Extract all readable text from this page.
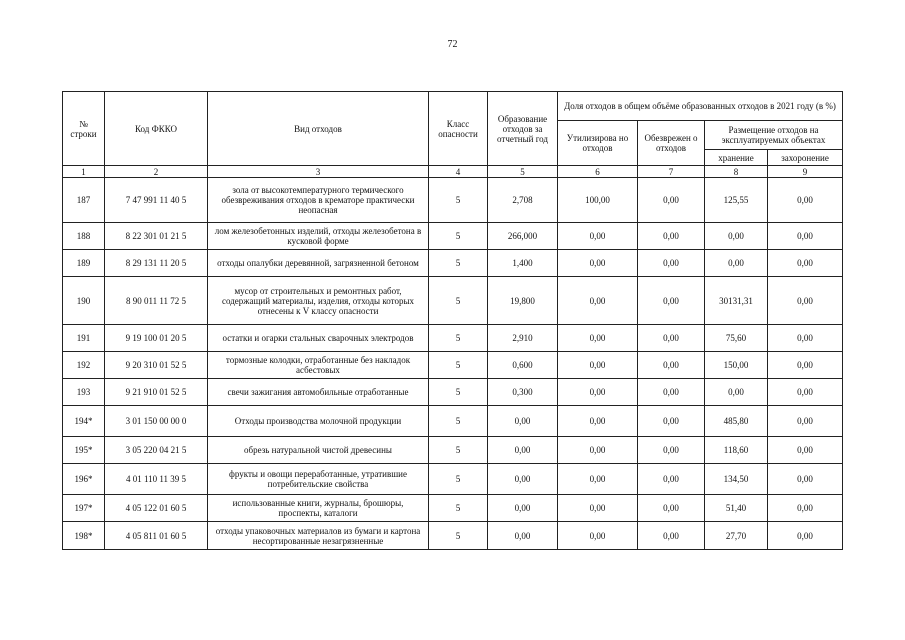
72
№ строки	Код ФККО	Вид отходов	Класс опасности	Образование отходов за отчетный год	Доля отходов в общем объёме образованных отходов в 2021 году (в %)			
					Утилизирова но отходов	Обезврежен о отходов	Размещение отходов на эксплуатируемых объектах	
							хранение	захоронение
1	2	3	4	5	6	7	8	9
187	7 47 991 11 40 5	зола от высокотемпературного термического обезвреживания отходов в крематоре практически неопасная	5	2,708	100,00	0,00	125,55	0,00
188	8 22 301 01 21 5	лом железобетонных изделий, отходы железобетона в кусковой форме	5	266,000	0,00	0,00	0,00	0,00
189	8 29 131 11 20 5	отходы опалубки деревянной, загрязненной бетоном	5	1,400	0,00	0,00	0,00	0,00
190	8 90 011 11 72 5	мусор от строительных и ремонтных работ, содержащий материалы, изделия, отходы которых отнесены к V классу опасности	5	19,800	0,00	0,00	30131,31	0,00
191	9 19 100 01 20 5	остатки и огарки стальных сварочных электродов	5	2,910	0,00	0,00	75,60	0,00
192	9 20 310 01 52 5	тормозные колодки, отработанные без накладок асбестовых	5	0,600	0,00	0,00	150,00	0,00
193	9 21 910 01 52 5	свечи зажигания автомобильные отработанные	5	0,300	0,00	0,00	0,00	0,00
194*	3 01 150 00 00 0	Отходы производства молочной продукции	5	0,00	0,00	0,00	485,80	0,00
195*	3 05 220 04 21 5	обрезь натуральной чистой древесины	5	0,00	0,00	0,00	118,60	0,00
196*	4 01 110 11 39 5	фрукты и овощи переработанные, утратившие потребительские свойства	5	0,00	0,00	0,00	134,50	0,00
197*	4 05 122 01 60 5	использованные книги, журналы, брошюры, проспекты, каталоги	5	0,00	0,00	0,00	51,40	0,00
198*	4 05 811 01 60 5	отходы упаковочных материалов из бумаги и картона несортированные незагрязненные	5	0,00	0,00	0,00	27,70	0,00
